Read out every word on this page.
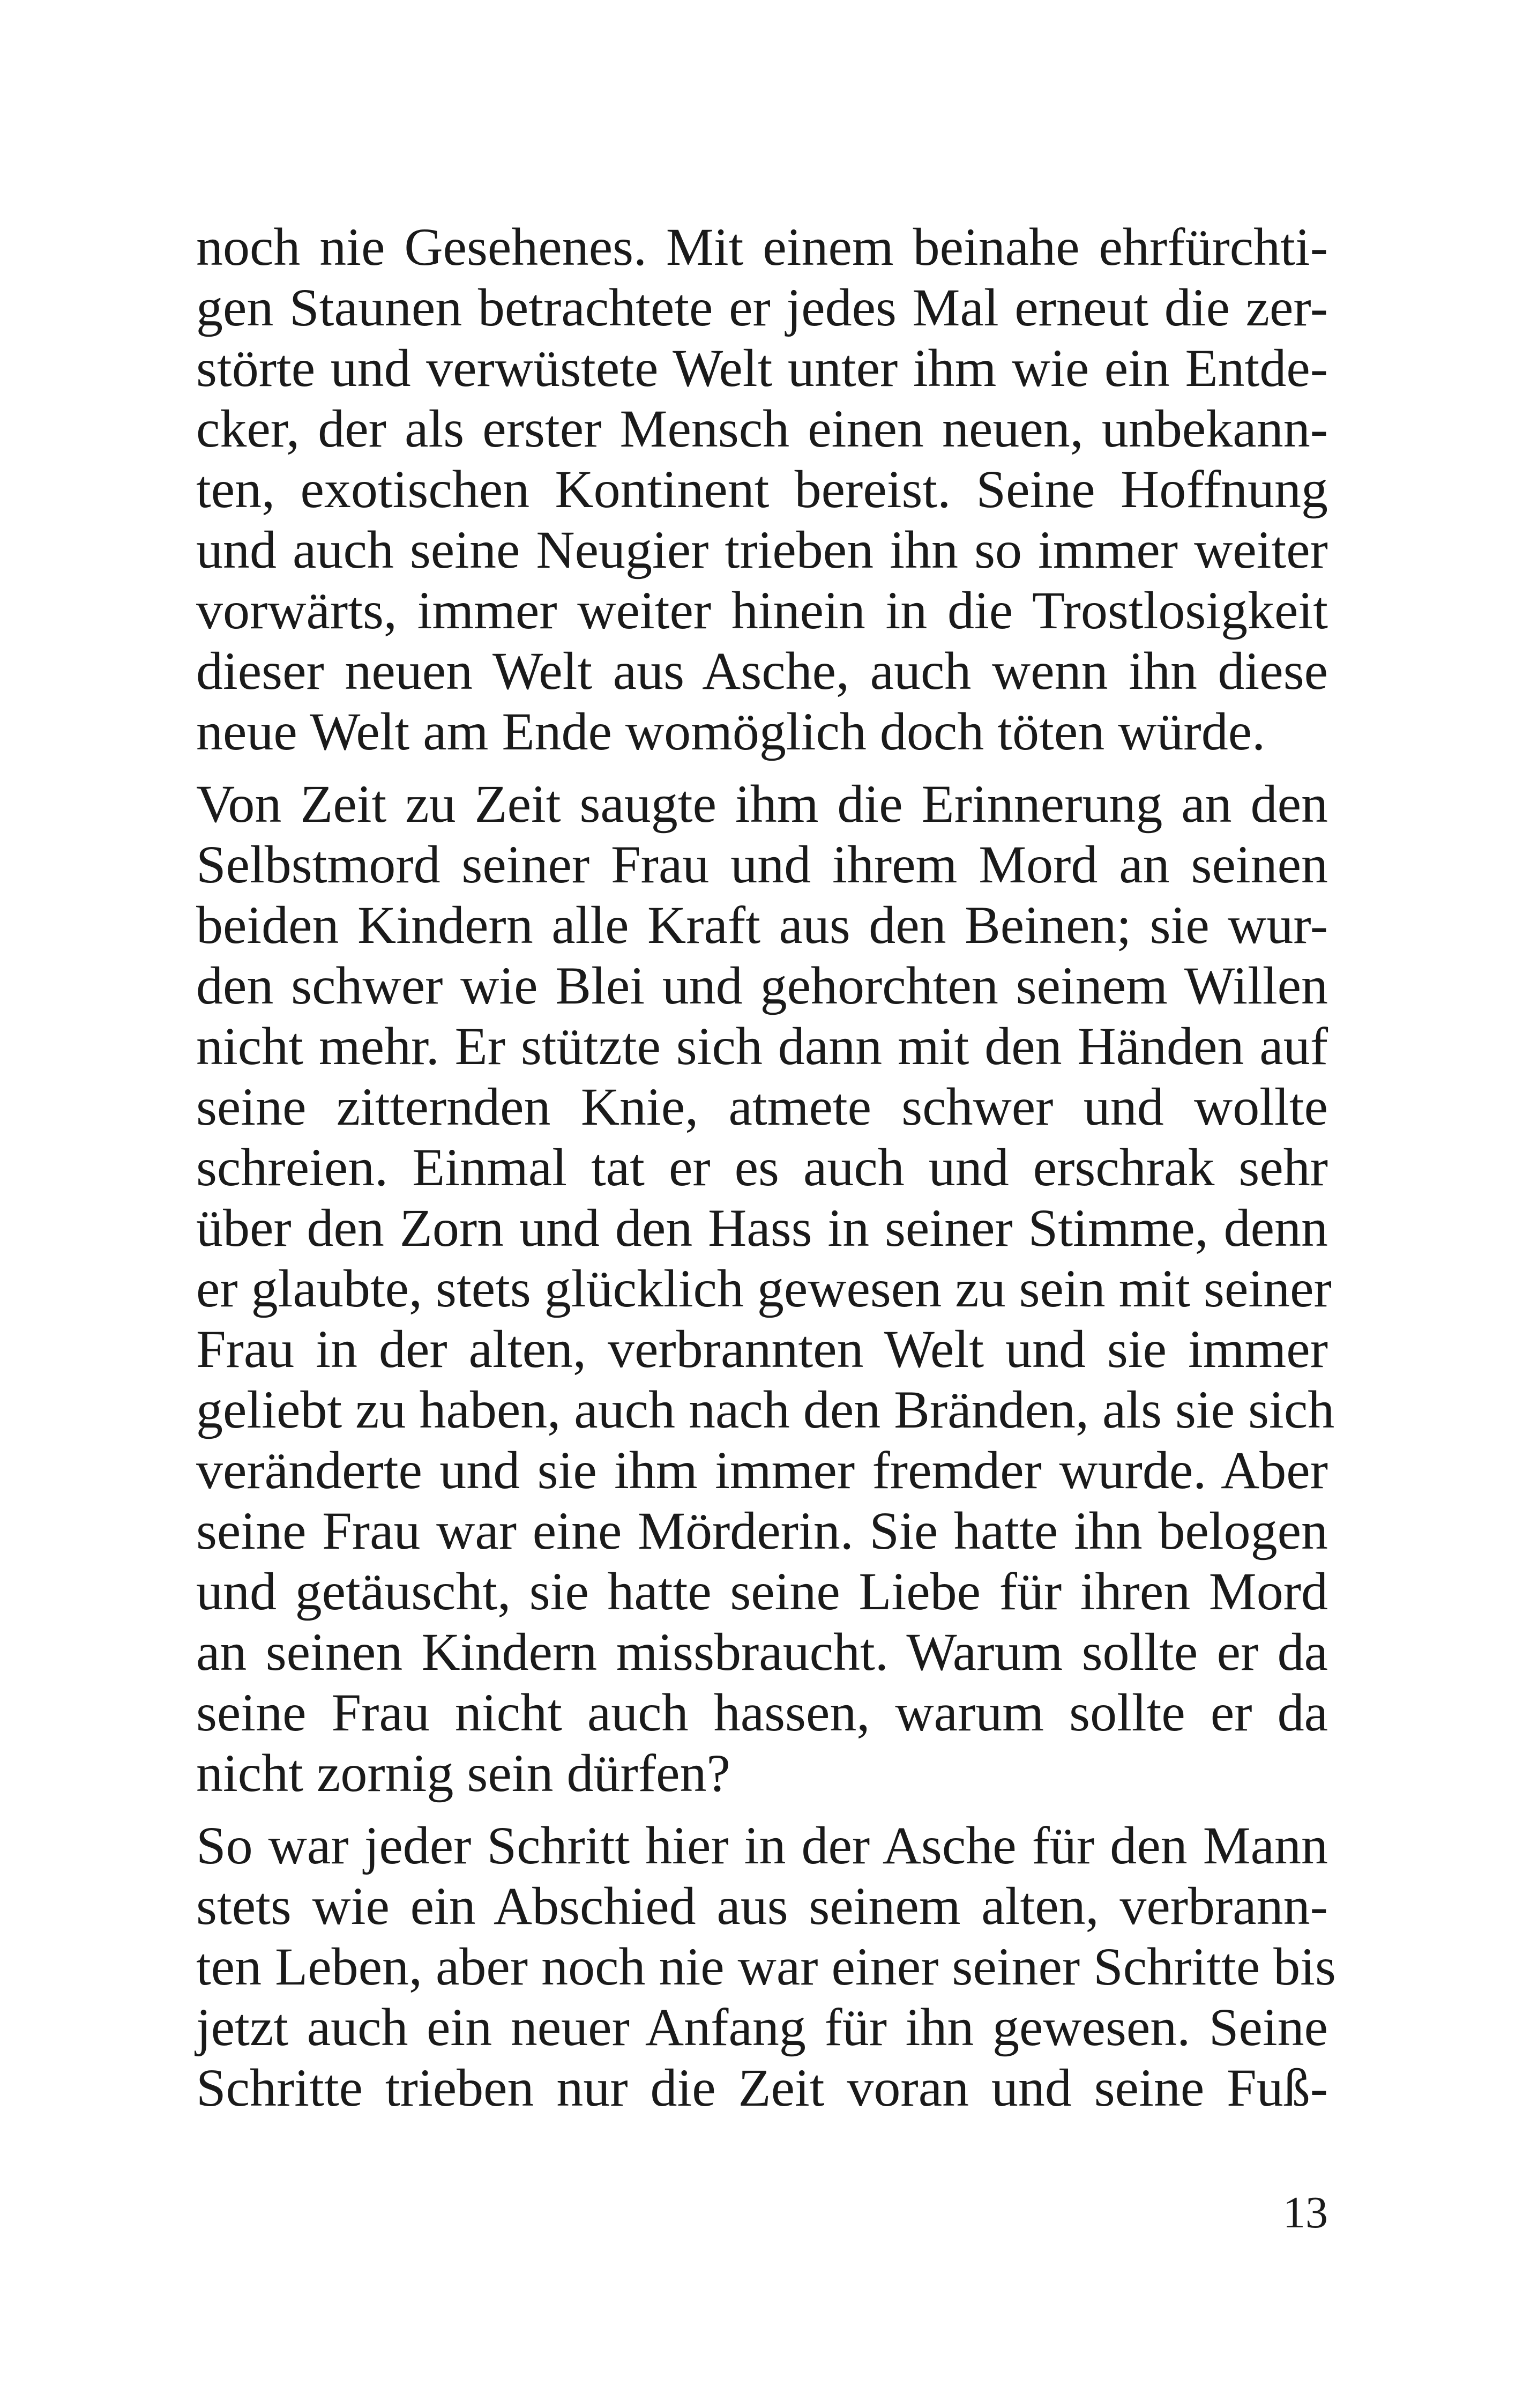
noch nie Gesehenes. Mit einem beinahe ehrfürchti-
gen Staunen betrachtete er jedes Mal erneut die zer-
störte und verwüstete Welt unter ihm wie ein Entde-
cker, der als erster Mensch einen neuen, unbekann-
ten, exotischen Kontinent bereist. Seine Hoffnung
und auch seine Neugier trieben ihn so immer weiter
vorwärts, immer weiter hinein in die Trostlosigkeit
dieser neuen Welt aus Asche, auch wenn ihn diese
neue Welt am Ende womöglich doch töten würde.
Von Zeit zu Zeit saugte ihm die Erinnerung an den
Selbstmord seiner Frau und ihrem Mord an seinen
beiden Kindern alle Kraft aus den Beinen; sie wur-
den schwer wie Blei und gehorchten seinem Willen
nicht mehr. Er stützte sich dann mit den Händen auf
seine zitternden Knie, atmete schwer und wollte
schreien. Einmal tat er es auch und erschrak sehr
über den Zorn und den Hass in seiner Stimme, denn
er glaubte, stets glücklich gewesen zu sein mit seiner
Frau in der alten, verbrannten Welt und sie immer
geliebt zu haben, auch nach den Bränden, als sie sich
veränderte und sie ihm immer fremder wurde. Aber
seine Frau war eine Mörderin. Sie hatte ihn belogen
und getäuscht, sie hatte seine Liebe für ihren Mord
an seinen Kindern missbraucht. Warum sollte er da
seine Frau nicht auch hassen, warum sollte er da
nicht zornig sein dürfen?
So war jeder Schritt hier in der Asche für den Mann
stets wie ein Abschied aus seinem alten, verbrann-
ten Leben, aber noch nie war einer seiner Schritte bis
jetzt auch ein neuer Anfang für ihn gewesen. Seine
Schritte trieben nur die Zeit voran und seine Fuß-
13
